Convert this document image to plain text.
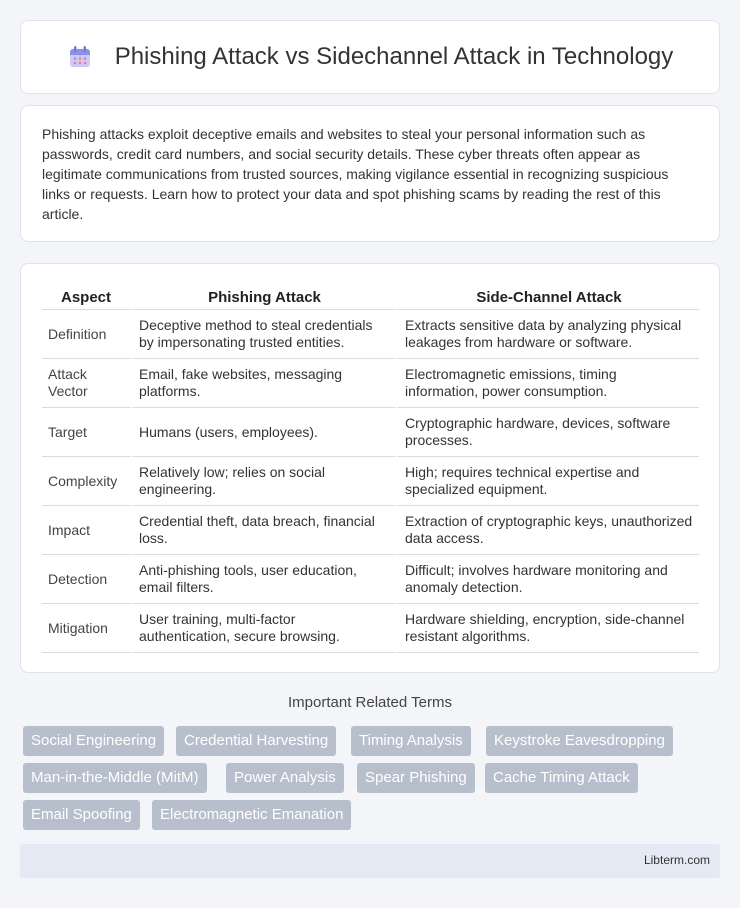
Phishing Attack vs Sidechannel Attack in Technology

Phishing attacks exploit deceptive emails and websites to steal your personal information such as passwords, credit card numbers, and social security details. These cyber threats often appear as legitimate communications from trusted sources, making vigilance essential in recognizing suspicious links or requests. Learn how to protect your data and spot phishing scams by reading the rest of this article.

Aspect	Phishing Attack	Side-Channel Attack
Definition	Deceptive method to steal credentials by impersonating trusted entities.	Extracts sensitive data by analyzing physical leakages from hardware or software.
Attack Vector	Email, fake websites, messaging platforms.	Electromagnetic emissions, timing information, power consumption.
Target	Humans (users, employees).	Cryptographic hardware, devices, software processes.
Complexity	Relatively low; relies on social engineering.	High; requires technical expertise and specialized equipment.
Impact	Credential theft, data breach, financial loss.	Extraction of cryptographic keys, unauthorized data access.
Detection	Anti-phishing tools, user education, email filters.	Difficult; involves hardware monitoring and anomaly detection.
Mitigation	User training, multi-factor authentication, secure browsing.	Hardware shielding, encryption, side-channel resistant algorithms.
Important Related Terms
Social Engineering	Credential Harvesting	Timing Analysis	Keystroke Eavesdropping
Man-in-the-Middle (MitM)	Power Analysis	Spear Phishing	Cache Timing Attack
Email Spoofing	Electromagnetic Emanation
Libterm.com
